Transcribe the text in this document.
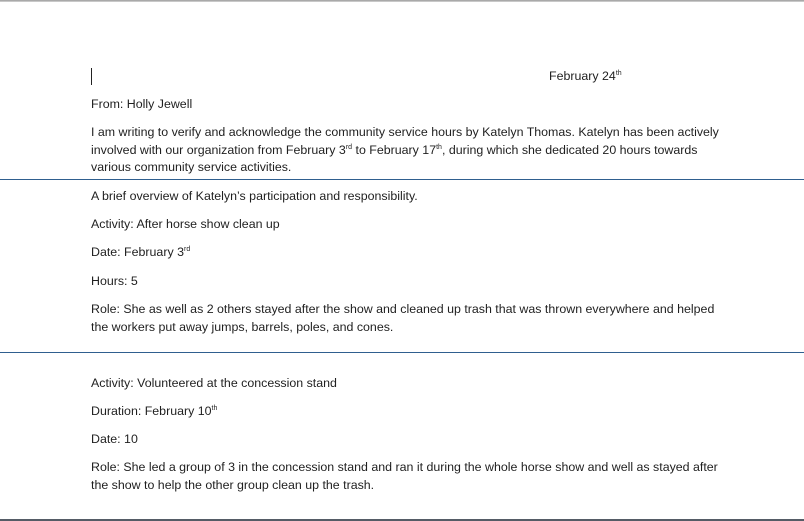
February 24th
From: Holly Jewell
I am writing to verify and acknowledge the community service hours by Katelyn Thomas. Katelyn has been actively involved with our organization from February 3rd to February 17th, during which she dedicated 20 hours towards various community service activities.
A brief overview of Katelyn’s participation and responsibility.
Activity: After horse show clean up
Date: February 3rd
Hours: 5
Role: She as well as 2 others stayed after the show and cleaned up trash that was thrown everywhere and helped the workers put away jumps, barrels, poles, and cones.
Activity: Volunteered at the concession stand
Duration: February 10th
Date: 10
Role: She led a group of 3 in the concession stand and ran it during the whole horse show and well as stayed after the show to help the other group clean up the trash.
